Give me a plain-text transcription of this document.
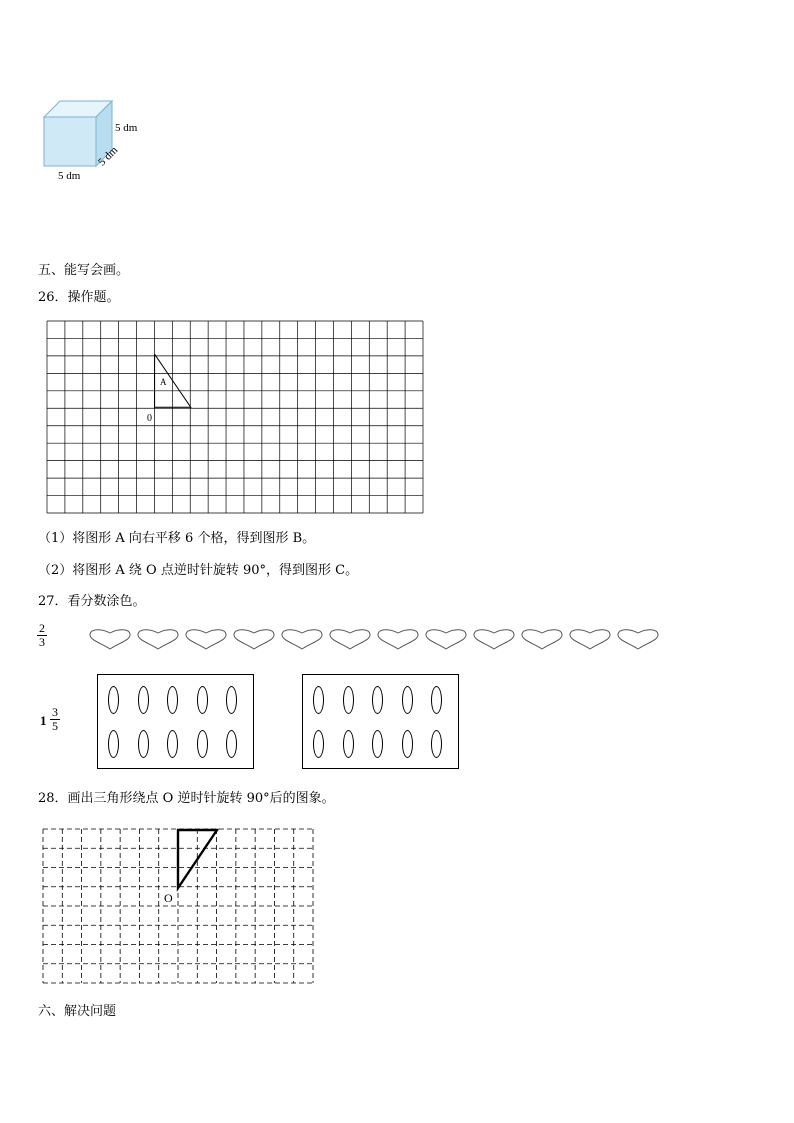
5 dm
5 dm
5 dm
五、能写会画。
26．操作题。
A
0
（1）将图形 A 向右平移 6 个格，得到图形 B。
（2）将图形 A 绕 O 点逆时针旋转 90°，得到图形 C。
27．看分数涂色。
$\frac{2}{3}$
$1 \frac{3}{5}$
28．画出三角形绕点 O 逆时针旋转 90°后的图象。
O
六、解决问题
